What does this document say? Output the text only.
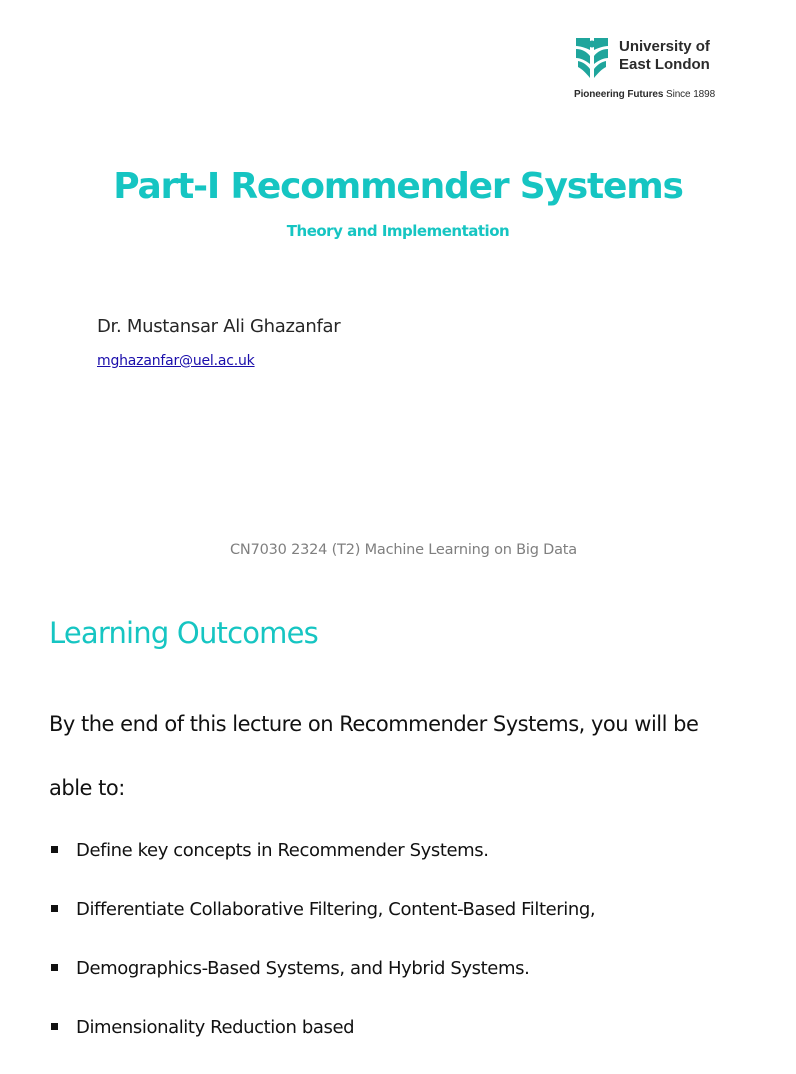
University of
East London
Pioneering Futures Since 1898
Part-I Recommender Systems
Theory and Implementation
Dr. Mustansar Ali Ghazanfar
mghazanfar@uel.ac.uk
CN7030 2324 (T2) Machine Learning on Big Data
Learning Outcomes
By the end of this lecture on Recommender Systems, you will be
able to:
Define key concepts in Recommender Systems.
Differentiate Collaborative Filtering, Content-Based Filtering,
Demographics-Based Systems, and Hybrid Systems.
Dimensionality Reduction based
